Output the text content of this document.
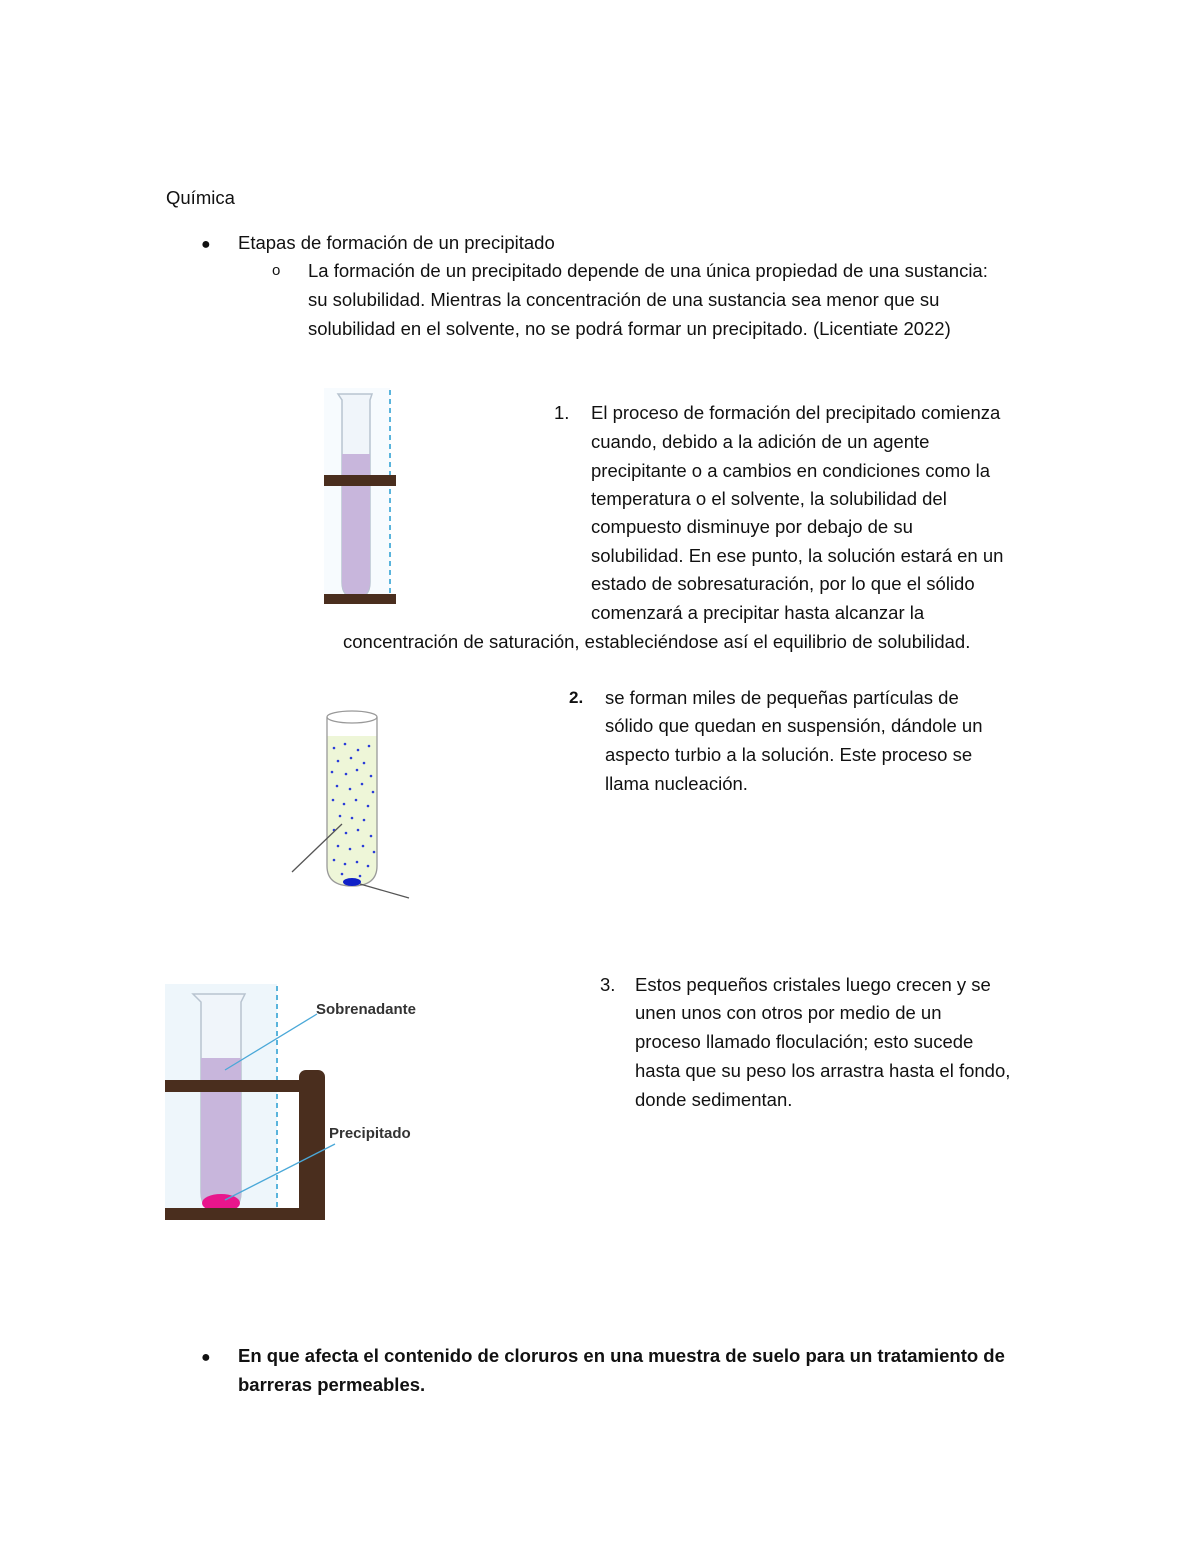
Química
● Etapas de formación de un precipitado
o La formación de un precipitado depende de una única propiedad de una sustancia:
su solubilidad. Mientras la concentración de una sustancia sea menor que su
solubilidad en el solvente, no se podrá formar un precipitado. (Licentiate 2022)
1. El proceso de formación del precipitado comienza
cuando, debido a la adición de un agente
precipitante o a cambios en condiciones como la
temperatura o el solvente, la solubilidad del
compuesto disminuye por debajo de su
solubilidad. En ese punto, la solución estará en un
estado de sobresaturación, por lo que el sólido
comenzará a precipitar hasta alcanzar la
concentración de saturación, estableciéndose así el equilibrio de solubilidad.
2. se forman miles de pequeñas partículas de
sólido que quedan en suspensión, dándole un
aspecto turbio a la solución. Este proceso se
llama nucleación.
Sobrenadante
Precipitado
3. Estos pequeños cristales luego crecen y se
unen unos con otros por medio de un
proceso llamado floculación; esto sucede
hasta que su peso los arrastra hasta el fondo,
donde sedimentan.
● En que afecta el contenido de cloruros en una muestra de suelo para un tratamiento de
barreras permeables.
